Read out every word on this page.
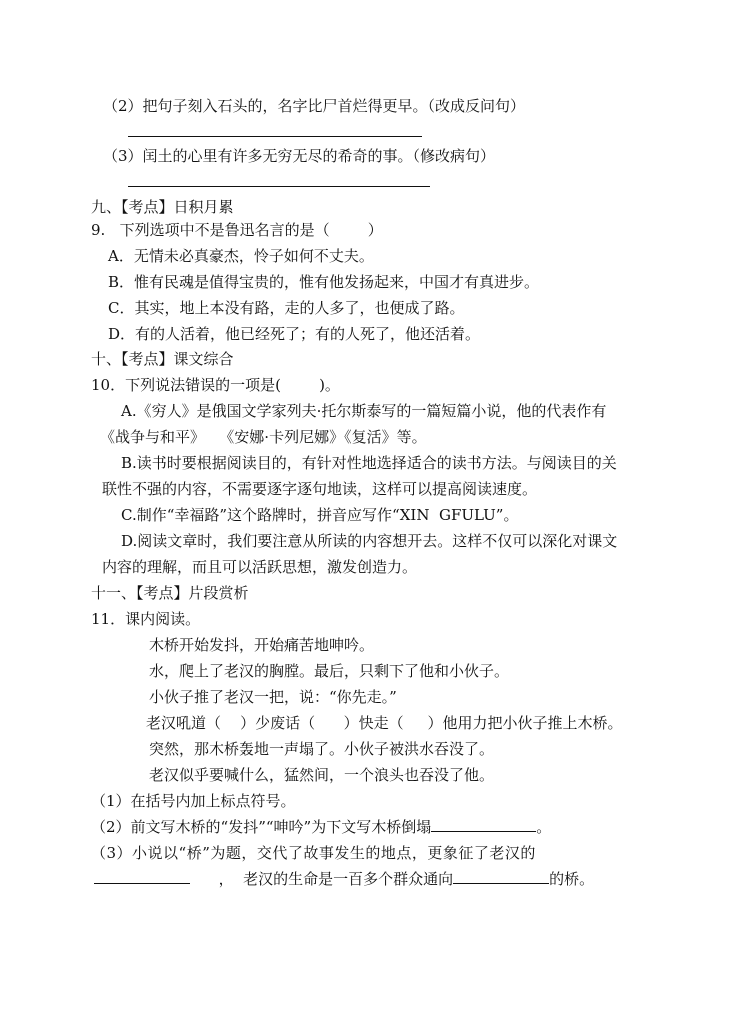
（2）把句子刻入石头的，名字比尸首烂得更早。（改成反问句）
（3）闰土的心里有许多无穷无尽的希奇的事。（修改病句）
九、【考点】日积月累
9.   下列选项中不是鲁迅名言的是（        ）
A．无情未必真豪杰，怜子如何不丈夫。
B．惟有民魂是值得宝贵的，惟有他发扬起来，中国才有真进步。
C．其实，地上本没有路，走的人多了，也便成了路。
D．有的人活着，他已经死了；有的人死了，他还活着。
十、【考点】课文综合
10．下列说法错误的一项是(        )。
A.《穷人》是俄国文学家列夫·托尔斯泰写的一篇短篇小说，他的代表作有
《战争与和平》   《安娜·卡列尼娜》《复活》等。
B.读书时要根据阅读目的，有针对性地选择适合的读书方法。与阅读目的关
联性不强的内容，不需要逐字逐句地读，这样可以提高阅读速度。
C.制作“幸福路”这个路牌时，拼音应写作“XIN  GFULU”。
D.阅读文章时，我们要注意从所读的内容想开去。这样不仅可以深化对课文
内容的理解，而且可以活跃思想，激发创造力。
十一、【考点】片段赏析
11．课内阅读。
木桥开始发抖，开始痛苦地呻吟。
水，爬上了老汉的胸膛。最后，只剩下了他和小伙子。
小伙子推了老汉一把，说：“你先走。”
老汉吼道（    ）少废话（      ）快走（     ）他用力把小伙子推上木桥。
突然，那木桥轰地一声塌了。小伙子被洪水吞没了。
老汉似乎要喊什么，猛然间，一个浪头也吞没了他。
（1）在括号内加上标点符号。
（2）前文写木桥的“发抖”“呻吟”为下文写木桥倒塌	。
（3）小说以“桥”为题，交代了故事发生的地点，更象征了老汉的
，  老汉的生命是一百多个群众通向	的桥。
